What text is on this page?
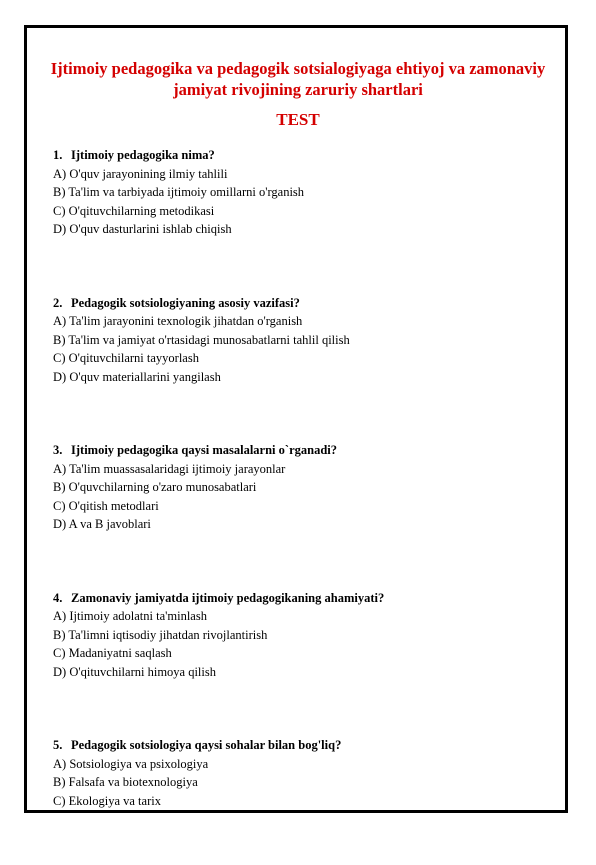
Ijtimoiy pedagogika va pedagogik sotsialogiyaga ehtiyoj va zamonaviy jamiyat rivojining zaruriy shartlari
TEST

1. Ijtimoiy pedagogika nima?

A) O'quv jarayonining ilmiy tahlili

B) Ta'lim va tarbiyada ijtimoiy omillarni o'rganish

C) O'qituvchilarning metodikasi

D) O'quv dasturlarini ishlab chiqish

2. Pedagogik sotsiologiyaning asosiy vazifasi?

A) Ta'lim jarayonini texnologik jihatdan o'rganish

B) Ta'lim va jamiyat o'rtasidagi munosabatlarni tahlil qilish

C) O'qituvchilarni tayyorlash

D) O'quv materiallarini yangilash

3. Ijtimoiy pedagogika qaysi masalalarni o`rganadi?

A) Ta'lim muassasalaridagi ijtimoiy jarayonlar

B) O'quvchilarning o'zaro munosabatlari

C) O'qitish metodlari

D) A va B javoblari

4. Zamonaviy jamiyatda ijtimoiy pedagogikaning ahamiyati?

A) Ijtimoiy adolatni ta'minlash

B) Ta'limni iqtisodiy jihatdan rivojlantirish

C) Madaniyatni saqlash

D) O'qituvchilarni himoya qilish

5. Pedagogik sotsiologiya qaysi sohalar bilan bog'liq?

A) Sotsiologiya va psixologiya

B) Falsafa va biotexnologiya

C) Ekologiya va tarix
